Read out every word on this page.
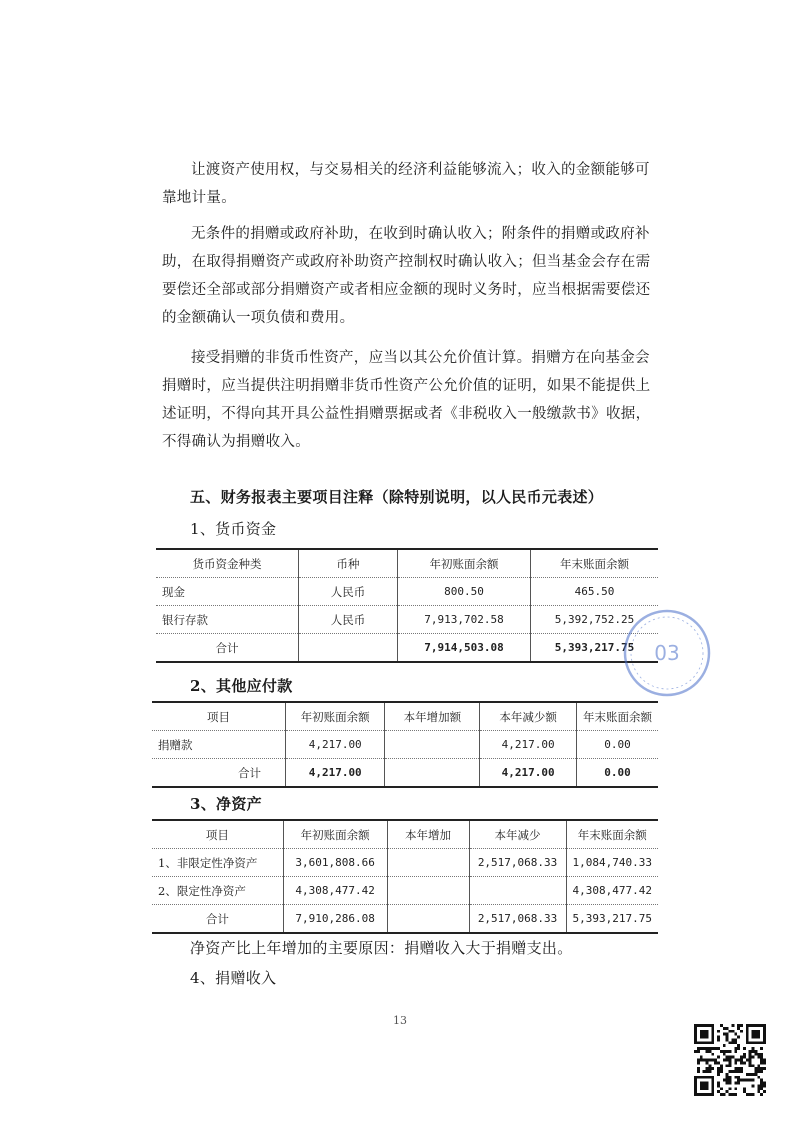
让渡资产使用权，与交易相关的经济利益能够流入；收入的金额能够可靠地计量。

无条件的捐赠或政府补助，在收到时确认收入；附条件的捐赠或政府补助，在取得捐赠资产或政府补助资产控制权时确认收入；但当基金会存在需要偿还全部或部分捐赠资产或者相应金额的现时义务时，应当根据需要偿还的金额确认一项负债和费用。

接受捐赠的非货币性资产，应当以其公允价值计算。捐赠方在向基金会捐赠时，应当提供注明捐赠非货币性资产公允价值的证明，如果不能提供上述证明，不得向其开具公益性捐赠票据或者《非税收入一般缴款书》收据，不得确认为捐赠收入。

五、财务报表主要项目注释（除特别说明，以人民币元表述）

1、货币资金

货币资金种类	币种	年初账面余额	年末账面余额
现金	人民币	800.50	465.50
银行存款	人民币	7,913,702.58	5,392,752.25
合计		7,914,503.08	5,393,217.75

2、其他应付款

项目	年初账面余额	本年增加额	本年减少额	年末账面余额
捐赠款	4,217.00		4,217.00	0.00
合计	4,217.00		4,217.00	0.00

3、净资产

项目	年初账面余额	本年增加	本年减少	年末账面余额
1、非限定性净资产	3,601,808.66		2,517,068.33	1,084,740.33
2、限定性净资产	4,308,477.42			4,308,477.42
合计	7,910,286.08		2,517,068.33	5,393,217.75

净资产比上年增加的主要原因：捐赠收入大于捐赠支出。

4、捐赠收入

13
03
